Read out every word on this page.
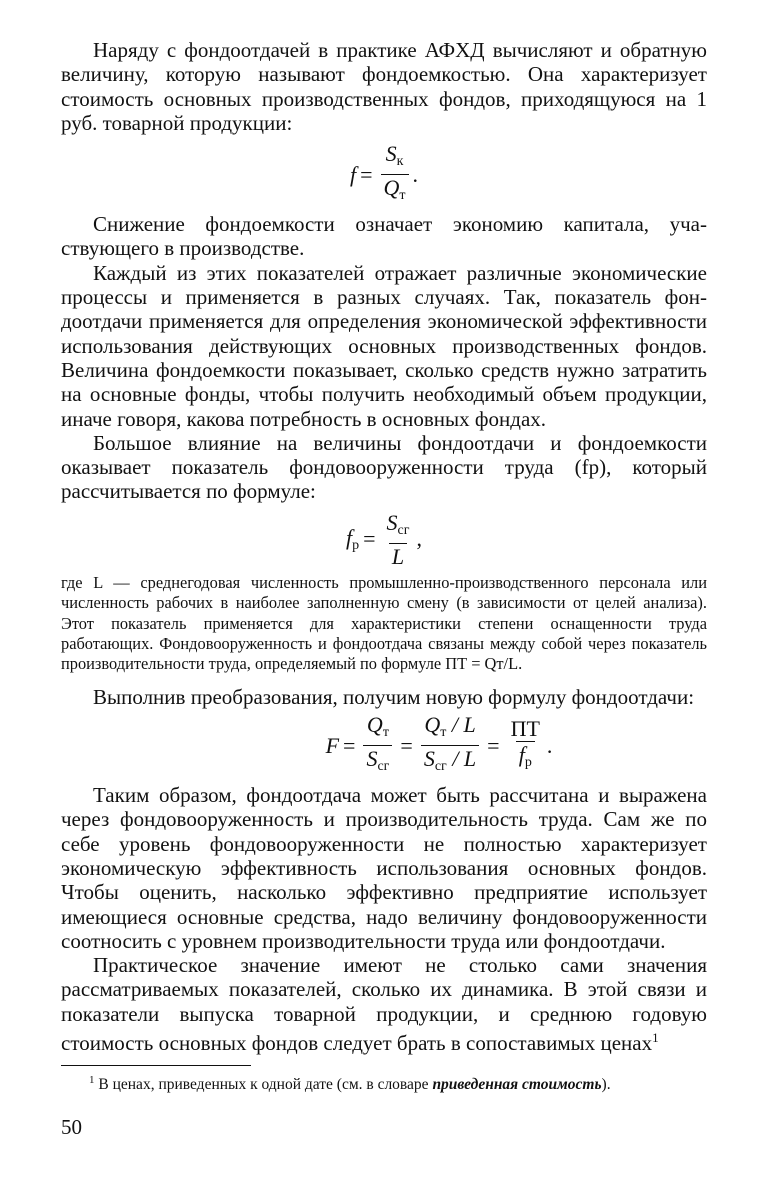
Наряду с фондоотдачей в практике АФХД вычисляют и обратную величину, которую называют фондоемкостью. Она характеризует стоимость основных производственных фондов, приходящуюся на 1 руб. товарной продукции:

$f = \frac{S_к}{Q_т}$ .

Снижение фондоемкости означает экономию капитала, участвующего в производстве.

Каждый из этих показателей отражает различные экономические процессы и применяется в разных случаях. Так, показатель фондоотдачи применяется для определения экономической эффективности использования действующих основных производственных фондов. Величина фондоемкости показывает, сколько средств нужно затратить на основные фонды, чтобы получить необходимый объем продукции, иначе говоря, какова потребность в основных фондах.

Большое влияние на величины фондоотдачи и фондоемкости оказывает показатель фондовооруженности труда (fр), который рассчитывается по формуле:

$f_р = \frac{S_{сг}}{L}$ ,

где L — среднегодовая численность промышленно-производственного персонала или численность рабочих в наиболее заполненную смену (в зависимости от целей анализа). Этот показатель применяется для характеристики степени оснащенности труда работающих. Фондовооруженность и фондоотдача связаны между собой через показатель производительности труда, определяемый по формуле ПТ = Qт/L.

Выполнив преобразования, получим новую формулу фондоотдачи:

$F = \frac{Q_т}{S_{сг}} = \frac{Q_т / L}{S_{сг} / L} = \frac{ПТ}{f_р}$ .

Таким образом, фондоотдача может быть рассчитана и выражена через фондовооруженность и производительность труда. Сам же по себе уровень фондовооруженности не полностью характеризует экономическую эффективность использования основных фондов. Чтобы оценить, насколько эффективно предприятие использует имеющиеся основные средства, надо величину фондовооруженности соотносить с уровнем производительности труда или фондоотдачи.

Практическое значение имеют не столько сами значения рассматриваемых показателей, сколько их динамика. В этой связи и показатели выпуска товарной продукции, и среднюю годовую стоимость основных фондов следует брать в сопоставимых ценах$^1$

$^1$ В ценах, приведенных к одной дате (см. в словаре приведенная стоимость).
50
